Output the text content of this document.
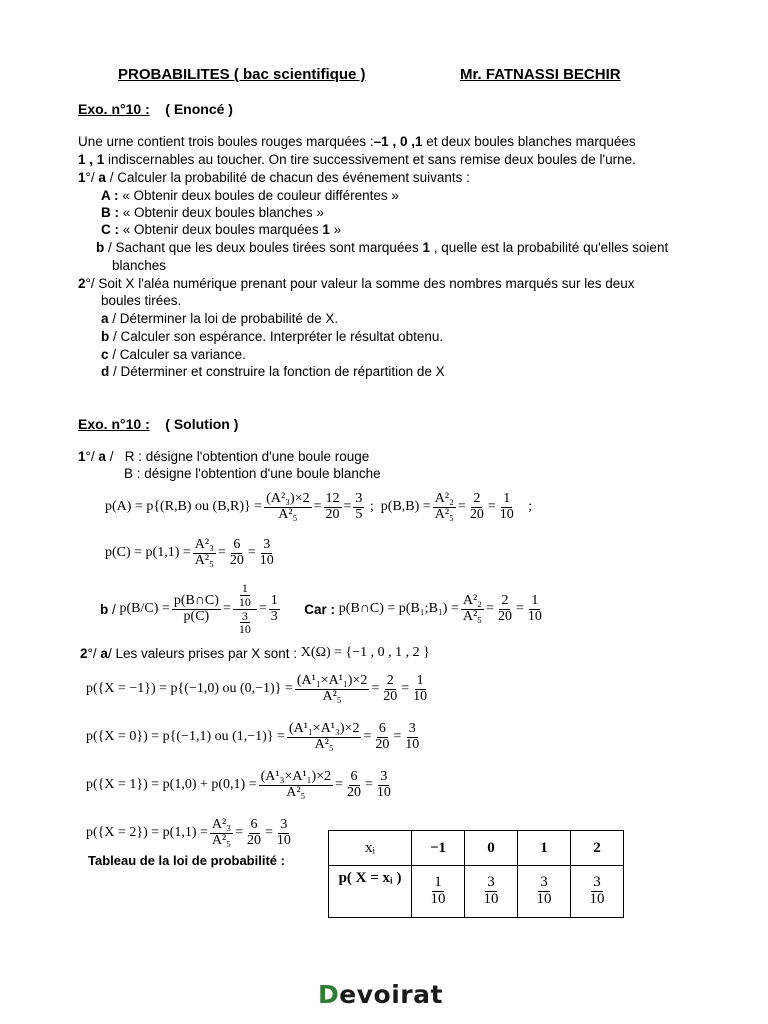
PROBABILITES ( bac scientifique )	Mr. FATNASSI BECHIR
Exo. n°10 : ( Enoncé )
Une urne contient trois boules rouges marquées :–1 , 0 ,1 et deux boules blanches marquées
1 , 1 indiscernables au toucher. On tire successivement et sans remise deux boules de l'urne.
1°/ a / Calculer la probabilité de chacun des événement suivants :
A : « Obtenir deux boules de couleur différentes »
B : « Obtenir deux boules blanches »
C : « Obtenir deux boules marquées 1 »
b / Sachant que les deux boules tirées sont marquées 1 , quelle est la probabilité qu'elles soient
blanches
2°/ Soit X l'aléa numérique prenant pour valeur la somme des nombres marqués sur les deux
boules tirées.
a / Déterminer la loi de probabilité de X.
b / Calculer son espérance. Interpréter le résultat obtenu.
c / Calculer sa variance.
d / Déterminer et construire la fonction de répartition de X
Exo. n°10 : ( Solution )
1°/ a /   R : désigne l'obtention d'une boule rouge
B : désigne l'obtention d'une boule blanche
p(A) = p{(R,B) ou $(B,R)\} = \frac{\text{(A²₃)×2}}{\text{A²₅}}$ =
12
20 =
3
5
;
$p(B,B) = \frac{\text{A²₂}}{\text{A²₅}}$ =
2
20 =
1
10
;
$p(C) = p(1,1) = \frac{\text{A²₃}}{\text{A²₅}}$ =
6
20 =
3
10
$b / p(B/C) = \frac{p(B\cap C)}{p(C)} = \frac{\frac{1}{10}}{\frac{3}{10}} = \frac{1}{3}$
Car :
p(B∩C) = p(B₁;B₁) = $\frac{\text{A²₂}}{\text{A²₅}} = \frac{2}{20} = \frac{1}{10}$
2 °/ a / Les valeurs prises par X sont :
X(Ω) = {−1 , 0 , 1 , 2 }
p({X = −1}) = p{(−1,0) ou $(0,-1)\} = \frac{\text{(A¹₁×A¹₁)×2}}{\text{A²₅}}$ =
2
20 =
1
10
p({X = 0}) = p{(−1,1) ou $(1,-1)\} = \frac{\text{(A¹₁×A¹₃)×2}}{\text{A²₅}}$ =
6
20 =
3
10
$p(\{X = 1\}) = p(1,0) + p(0,1) = \frac{\text{(A¹₃×A¹₁)×2}}{\text{A²₅}}$ =
6
20 =
3
10
$p(\{X = 2\}) = p(1,1) = \frac{\text{A²₃}}{\text{A²₅}}$ =
6
20 =
3
10
Tableau de la loi de probabilité :
xᵢ	−1	0	1	2
p( X = xᵢ )	$\frac{1}{10}$	$\frac{3}{10}$	$\frac{3}{10}$	$\frac{3}{10}$
Devoirat
